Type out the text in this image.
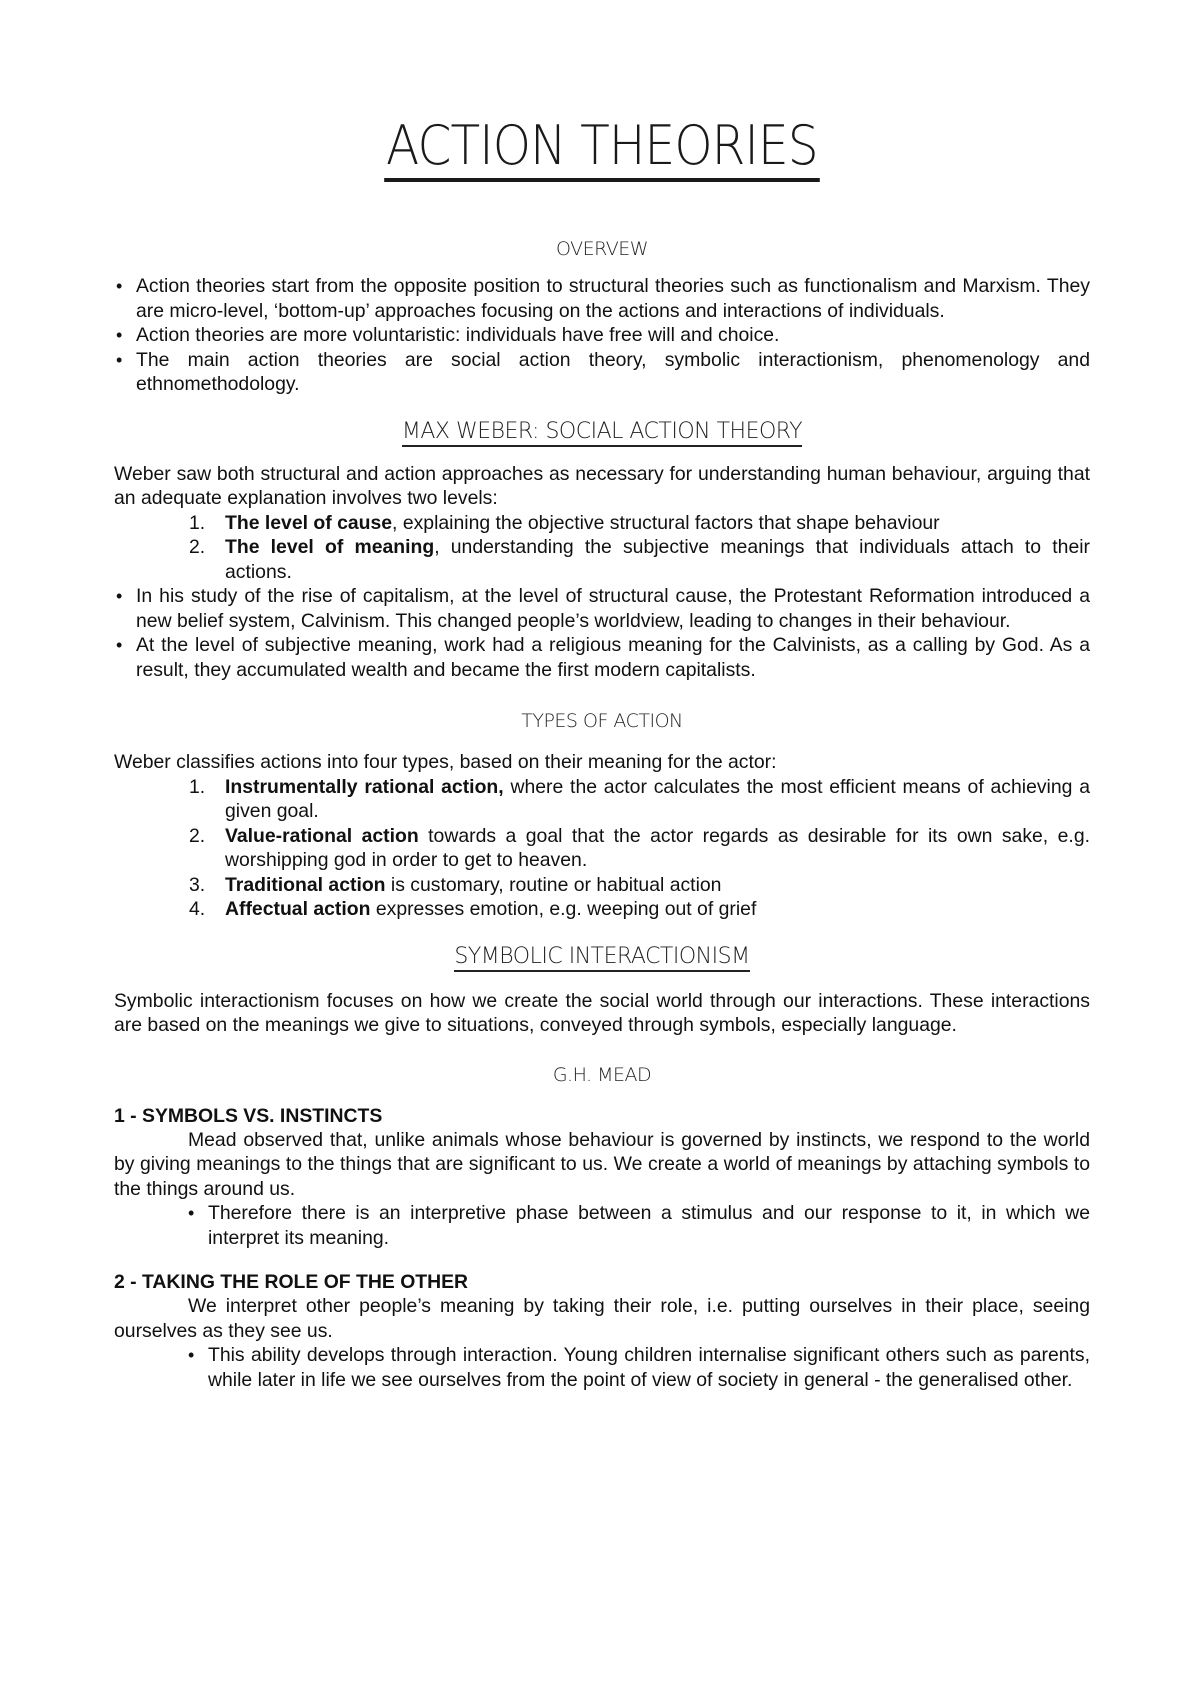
ACTION THEORIES
OVERVEW
• Action theories start from the opposite position to structural theories such as functionalism and Marxism. They are micro-level, ‘bottom-up’ approaches focusing on the actions and interactions of individuals.
• Action theories are more voluntaristic: individuals have free will and choice.
• The main action theories are social action theory, symbolic interactionism, phenomenology and ethnomethodology.
MAX WEBER: SOCIAL ACTION THEORY

Weber saw both structural and action approaches as necessary for understanding human behaviour, arguing that an adequate explanation involves two levels:

1. The level of cause, explaining the objective structural factors that shape behaviour
2. The level of meaning, understanding the subjective meanings that individuals attach to their actions.
• In his study of the rise of capitalism, at the level of structural cause, the Protestant Reformation introduced a new belief system, Calvinism. This changed people’s worldview, leading to changes in their behaviour.
• At the level of subjective meaning, work had a religious meaning for the Calvinists, as a calling by God. As a result, they accumulated wealth and became the first modern capitalists.
TYPES OF ACTION

Weber classifies actions into four types, based on their meaning for the actor:

1. Instrumentally rational action, where the actor calculates the most efficient means of achieving a given goal.
2. Value-rational action towards a goal that the actor regards as desirable for its own sake, e.g. worshipping god in order to get to heaven.
3. Traditional action is customary, routine or habitual action
4. Affectual action expresses emotion, e.g. weeping out of grief
SYMBOLIC INTERACTIONISM

Symbolic interactionism focuses on how we create the social world through our interactions. These interactions are based on the meanings we give to situations, conveyed through symbols, especially language.

G.H. MEAD
1 - SYMBOLS VS. INSTINCTS

Mead observed that, unlike animals whose behaviour is governed by instincts, we respond to the world by giving meanings to the things that are significant to us. We create a world of meanings by attaching symbols to the things around us.

• Therefore there is an interpretive phase between a stimulus and our response to it, in which we interpret its meaning.
2 - TAKING THE ROLE OF THE OTHER

We interpret other people’s meaning by taking their role, i.e. putting ourselves in their place, seeing ourselves as they see us.

• This ability develops through interaction. Young children internalise significant others such as parents, while later in life we see ourselves from the point of view of society in general - the generalised other.
